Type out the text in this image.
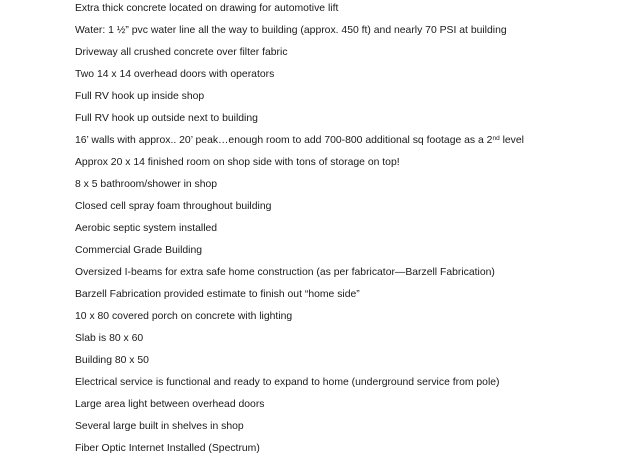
Extra thick concrete located on drawing for automotive lift
Water: 1 ½” pvc water line all the way to building (approx. 450 ft) and nearly 70 PSI at building
Driveway all crushed concrete over filter fabric
Two 14 x 14 overhead doors with operators
Full RV hook up inside shop
Full RV hook up outside next to building
16’ walls with approx.. 20’ peak…enough room to add 700-800 additional sq footage as a 2nd level
Approx 20 x 14 finished room on shop side with tons of storage on top!
8 x 5 bathroom/shower in shop
Closed cell spray foam throughout building
Aerobic septic system installed
Commercial Grade Building
Oversized I-beams for extra safe home construction (as per fabricator—Barzell Fabrication)
Barzell Fabrication provided estimate to finish out “home side”
10 x 80 covered porch on concrete with lighting
Slab is 80 x 60
Building 80 x 50
Electrical service is functional and ready to expand to home (underground service from pole)
Large area light between overhead doors
Several large built in shelves in shop
Fiber Optic Internet Installed (Spectrum)
